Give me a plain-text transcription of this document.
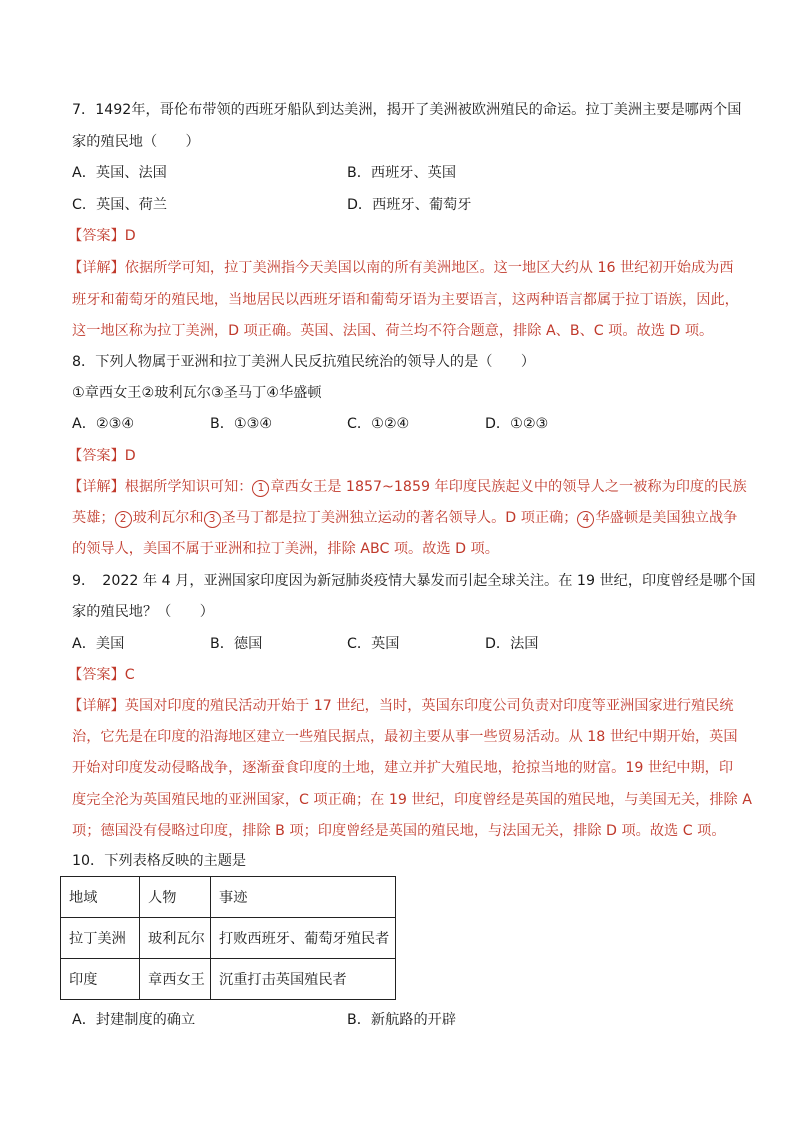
7．1492年，哥伦布带领的西班牙船队到达美洲，揭开了美洲被欧洲殖民的命运。拉丁美洲主要是哪两个国
家的殖民地（　　）
A．英国、法国	B．西班牙、英国
C．英国、荷兰	D．西班牙、葡萄牙
【答案】D
【详解】依据所学可知，拉丁美洲指今天美国以南的所有美洲地区。这一地区大约从 16 世纪初开始成为西
班牙和葡萄牙的殖民地，当地居民以西班牙语和葡萄牙语为主要语言，这两种语言都属于拉丁语族，因此，
这一地区称为拉丁美洲，D 项正确。英国、法国、荷兰均不符合题意，排除 A、B、C 项。故选 D 项。
8．下列人物属于亚洲和拉丁美洲人民反抗殖民统治的领导人的是（　　）
①章西女王②玻利瓦尔③圣马丁④华盛顿
A．②③④	B．①③④	C．①②④	D．①②③
【答案】D
【详解】根据所学知识可知： 1 章西女王是 1857~1859 年印度民族起义中的领导人之一被称为印度的民族
英雄； 2 玻利瓦尔和 3 圣马丁都是拉丁美洲独立运动的著名领导人。D 项正确； 4 华盛顿是美国独立战争
的领导人，美国不属于亚洲和拉丁美洲，排除 ABC 项。故选 D 项。
9．　2022 年 4 月，亚洲国家印度因为新冠肺炎疫情大暴发而引起全球关注。在 19 世纪，印度曾经是哪个国
家的殖民地？（　　）
A．美国	B．德国	C．英国	D．法国
【答案】C
【详解】英国对印度的殖民活动开始于 17 世纪，当时，英国东印度公司负责对印度等亚洲国家进行殖民统
治，它先是在印度的沿海地区建立一些殖民据点，最初主要从事一些贸易活动。从 18 世纪中期开始，英国
开始对印度发动侵略战争，逐渐蚕食印度的土地，建立并扩大殖民地，抢掠当地的财富。19 世纪中期，印
度完全沦为英国殖民地的亚洲国家，C 项正确；在 19 世纪，印度曾经是英国的殖民地，与美国无关，排除 A
项；德国没有侵略过印度，排除 B 项；印度曾经是英国的殖民地，与法国无关，排除 D 项。故选 C 项。
10．下列表格反映的主题是
地域	人物	事迹
拉丁美洲	玻利瓦尔	打败西班牙、葡萄牙殖民者
印度	章西女王	沉重打击英国殖民者
A．封建制度的确立	B．新航路的开辟
